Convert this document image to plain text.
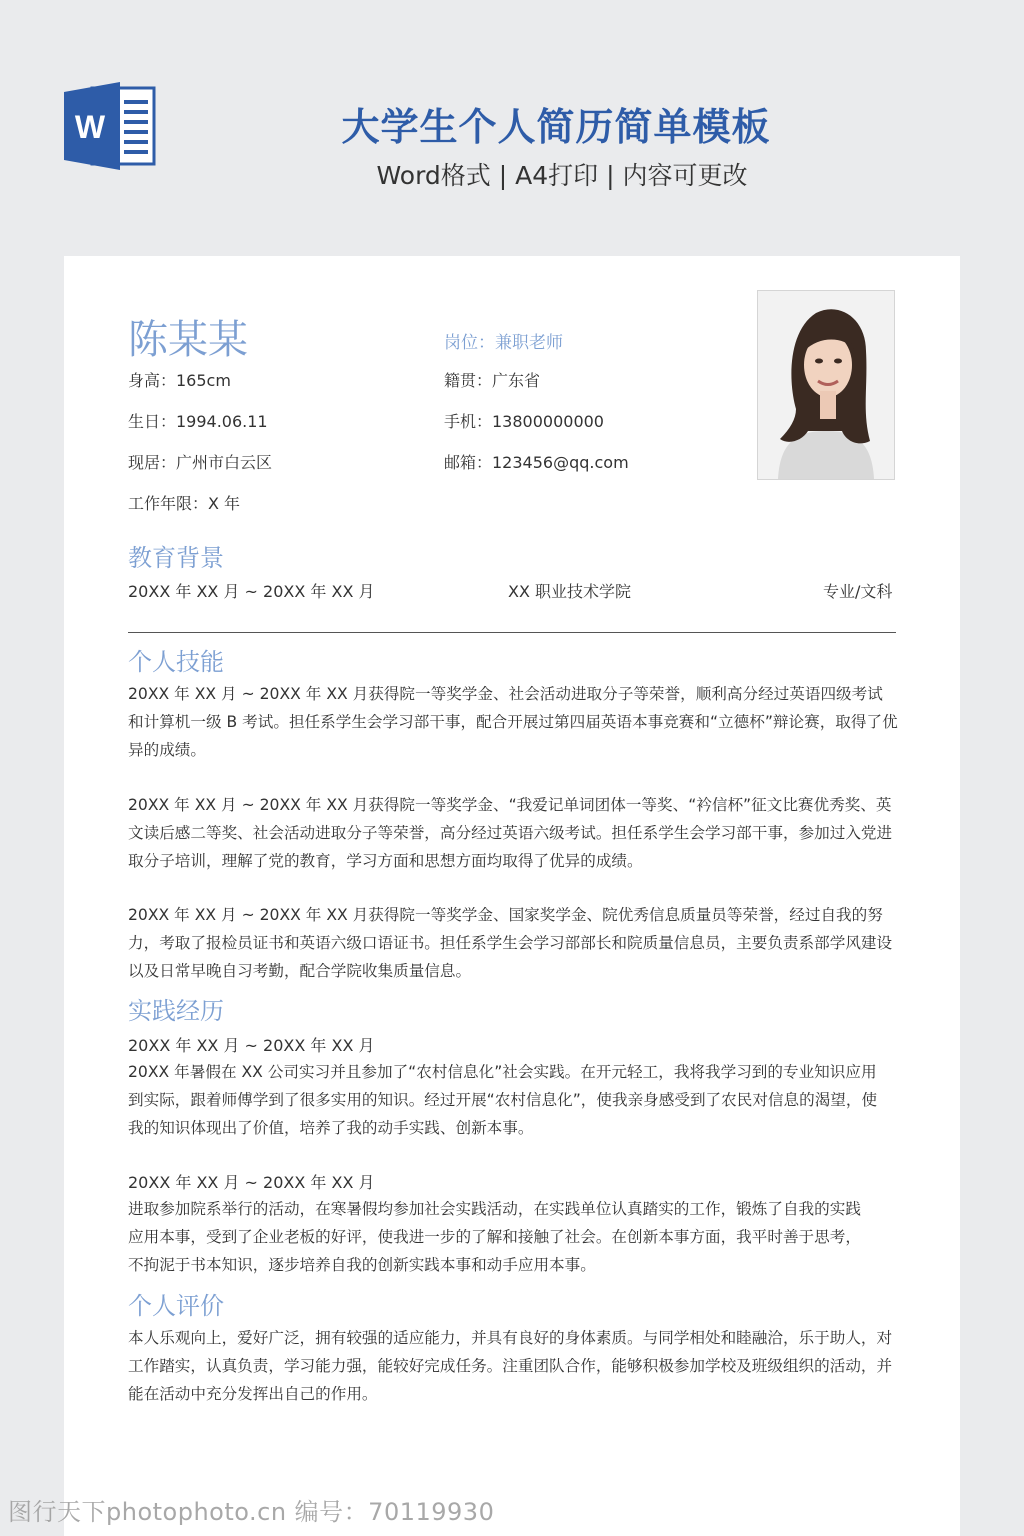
W	大学生个人简历简单模板
Word格式 | A4打印 | 内容可更改
陈某某	岗位：兼职老师
身高：165cm	籍贯：广东省
生日：1994.06.11	手机：13800000000
现居：广州市白云区	邮箱：123456@qq.com
工作年限：X 年
教育背景
20XX 年 XX 月 ~ 20XX 年 XX 月	XX 职业技术学院	专业/文科
个人技能
20XX 年 XX 月 ~ 20XX 年 XX 月获得院一等奖学金、社会活动进取分子等荣誉，顺利高分经过英语四级考试和计算机一级 B 考试。担任系学生会学习部干事，配合开展过第四届英语本事竞赛和“立德杯”辩论赛，取得了优异的成绩。
20XX 年 XX 月 ~ 20XX 年 XX 月获得院一等奖学金、“我爱记单词团体一等奖、“衿信杯”征文比赛优秀奖、英文读后感二等奖、社会活动进取分子等荣誉，高分经过英语六级考试。担任系学生会学习部干事，参加过入党进取分子培训，理解了党的教育，学习方面和思想方面均取得了优异的成绩。
20XX 年 XX 月 ~ 20XX 年 XX 月获得院一等奖学金、国家奖学金、院优秀信息质量员等荣誉，经过自我的努力，考取了报检员证书和英语六级口语证书。担任系学生会学习部部长和院质量信息员，主要负责系部学风建设以及日常早晚自习考勤，配合学院收集质量信息。
实践经历
20XX 年 XX 月 ~ 20XX 年 XX 月
20XX 年暑假在 XX 公司实习并且参加了“农村信息化”社会实践。在开元轻工，我将我学习到的专业知识应用到实际，跟着师傅学到了很多实用的知识。经过开展“农村信息化”，使我亲身感受到了农民对信息的渴望，使我的知识体现出了价值，培养了我的动手实践、创新本事。
20XX 年 XX 月 ~ 20XX 年 XX 月
进取参加院系举行的活动，在寒暑假均参加社会实践活动，在实践单位认真踏实的工作，锻炼了自我的实践应用本事，受到了企业老板的好评，使我进一步的了解和接触了社会。在创新本事方面，我平时善于思考，不拘泥于书本知识，逐步培养自我的创新实践本事和动手应用本事。
个人评价
本人乐观向上，爱好广泛，拥有较强的适应能力，并具有良好的身体素质。与同学相处和睦融洽，乐于助人，对工作踏实，认真负责，学习能力强，能较好完成任务。注重团队合作，能够积极参加学校及班级组织的活动，并能在活动中充分发挥出自己的作用。
图行天下photophoto.cn 编号：70119930
